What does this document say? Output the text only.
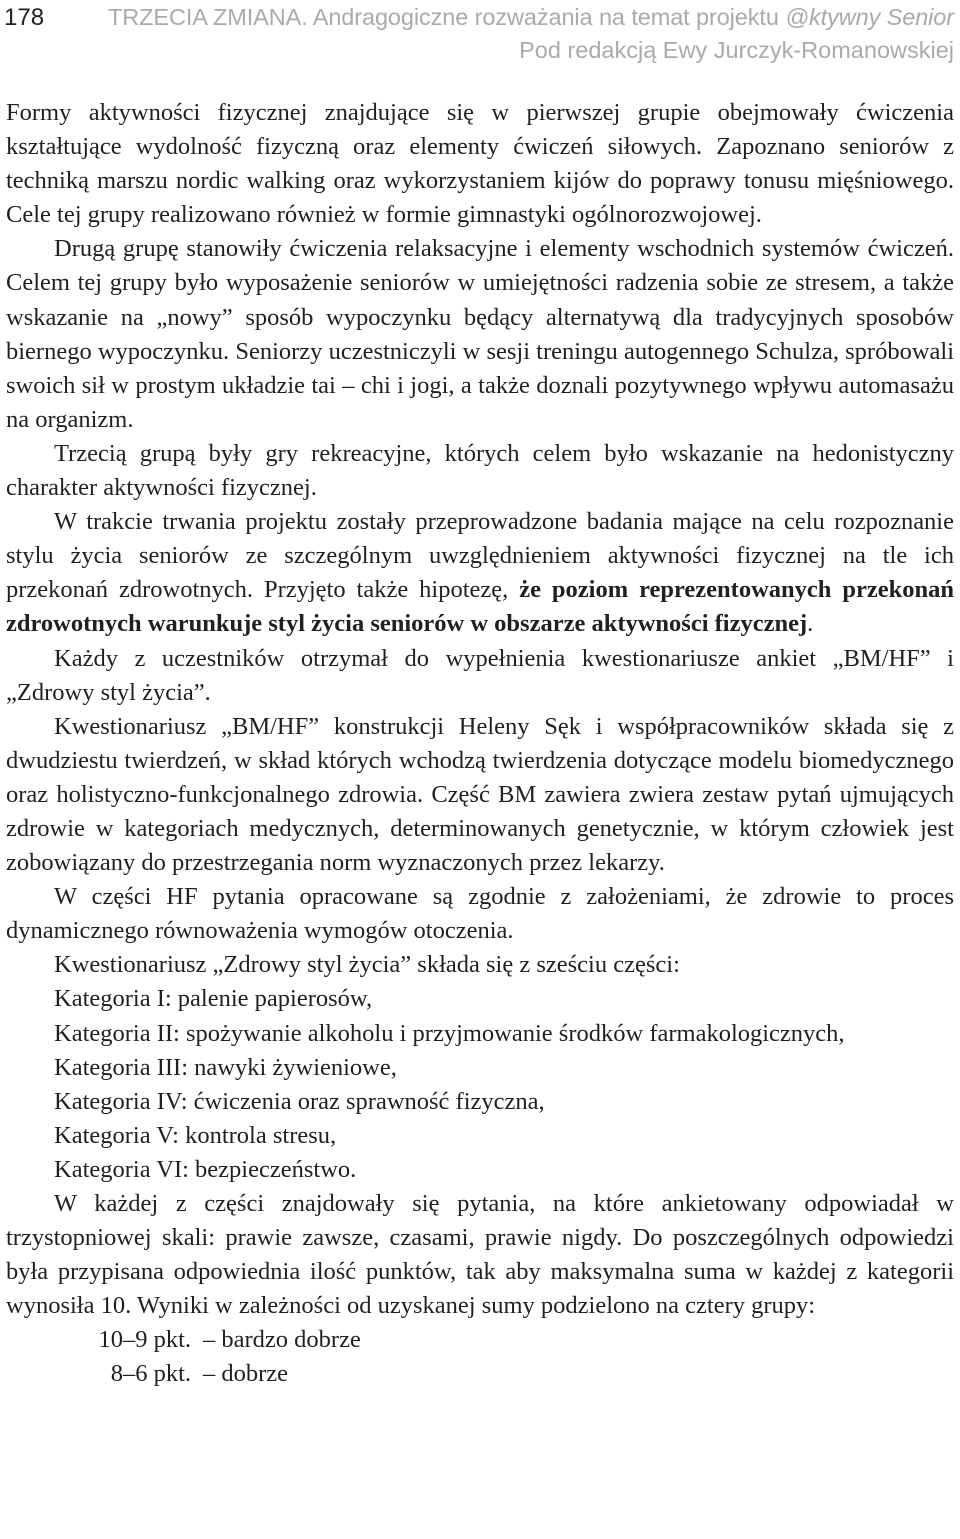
178	TRZECIA ZMIANA. Andragogiczne rozważania na temat projektu @ktywny Senior
Pod redakcją Ewy Jurczyk-Romanowskiej

Formy aktywności fizycznej znajdujące się w pierwszej grupie obejmowały ćwiczenia kształtujące wydolność fizyczną oraz elementy ćwiczeń siłowych. Zapoznano seniorów z techniką marszu nordic walking oraz wykorzystaniem kijów do poprawy tonusu mięśniowego. Cele tej grupy realizowano również w formie gimnastyki ogólnorozwojowej.

Drugą grupę stanowiły ćwiczenia relaksacyjne i elementy wschodnich systemów ćwiczeń. Celem tej grupy było wyposażenie seniorów w umiejętności radzenia sobie ze stresem, a także wskazanie na „nowy” sposób wypoczynku będący alternatywą dla tradycyjnych sposobów biernego wypoczynku. Seniorzy uczestniczyli w sesji treningu autogennego Schulza, spróbowali swoich sił w prostym układzie tai – chi i jogi, a także doznali pozytywnego wpływu automasażu na organizm.

Trzecią grupą były gry rekreacyjne, których celem było wskazanie na hedonistyczny charakter aktywności fizycznej.

W trakcie trwania projektu zostały przeprowadzone badania mające na celu rozpoznanie stylu życia seniorów ze szczególnym uwzględnieniem aktywności fizycznej na tle ich przekonań zdrowotnych. Przyjęto także hipotezę, że poziom reprezentowanych przekonań zdrowotnych warunkuje styl życia seniorów w obszarze aktywności fizycznej.

Każdy z uczestników otrzymał do wypełnienia kwestionariusze ankiet „BM/HF” i „Zdrowy styl życia”.

Kwestionariusz „BM/HF” konstrukcji Heleny Sęk i współpracowników składa się z dwudziestu twierdzeń, w skład których wchodzą twierdzenia dotyczące modelu biomedycznego oraz holistyczno-funkcjonalnego zdrowia. Część BM zawiera zwiera zestaw pytań ujmujących zdrowie w kategoriach medycznych, determinowanych genetycznie, w którym człowiek jest zobowiązany do przestrzegania norm wyznaczonych przez lekarzy.

W części HF pytania opracowane są zgodnie z założeniami, że zdrowie to proces dynamicznego równoważenia wymogów otoczenia.

Kwestionariusz „Zdrowy styl życia” składa się z sześciu części:

Kategoria I: palenie papierosów,
Kategoria II: spożywanie alkoholu i przyjmowanie środków farmakologicznych,
Kategoria III: nawyki żywieniowe,
Kategoria IV: ćwiczenia oraz sprawność fizyczna,
Kategoria V: kontrola stresu,
Kategoria VI: bezpieczeństwo.

W każdej z części znajdowały się pytania, na które ankietowany odpowiadał w trzystopniowej skali: prawie zawsze, czasami, prawie nigdy. Do poszczególnych odpowiedzi była przypisana odpowiednia ilość punktów, tak aby maksymalna suma w każdej z kategorii wynosiła 10. Wyniki w zależności od uzyskanej sumy podzielono na cztery grupy:

10–9 pkt. – bardzo dobrze
8–6 pkt. – dobrze
